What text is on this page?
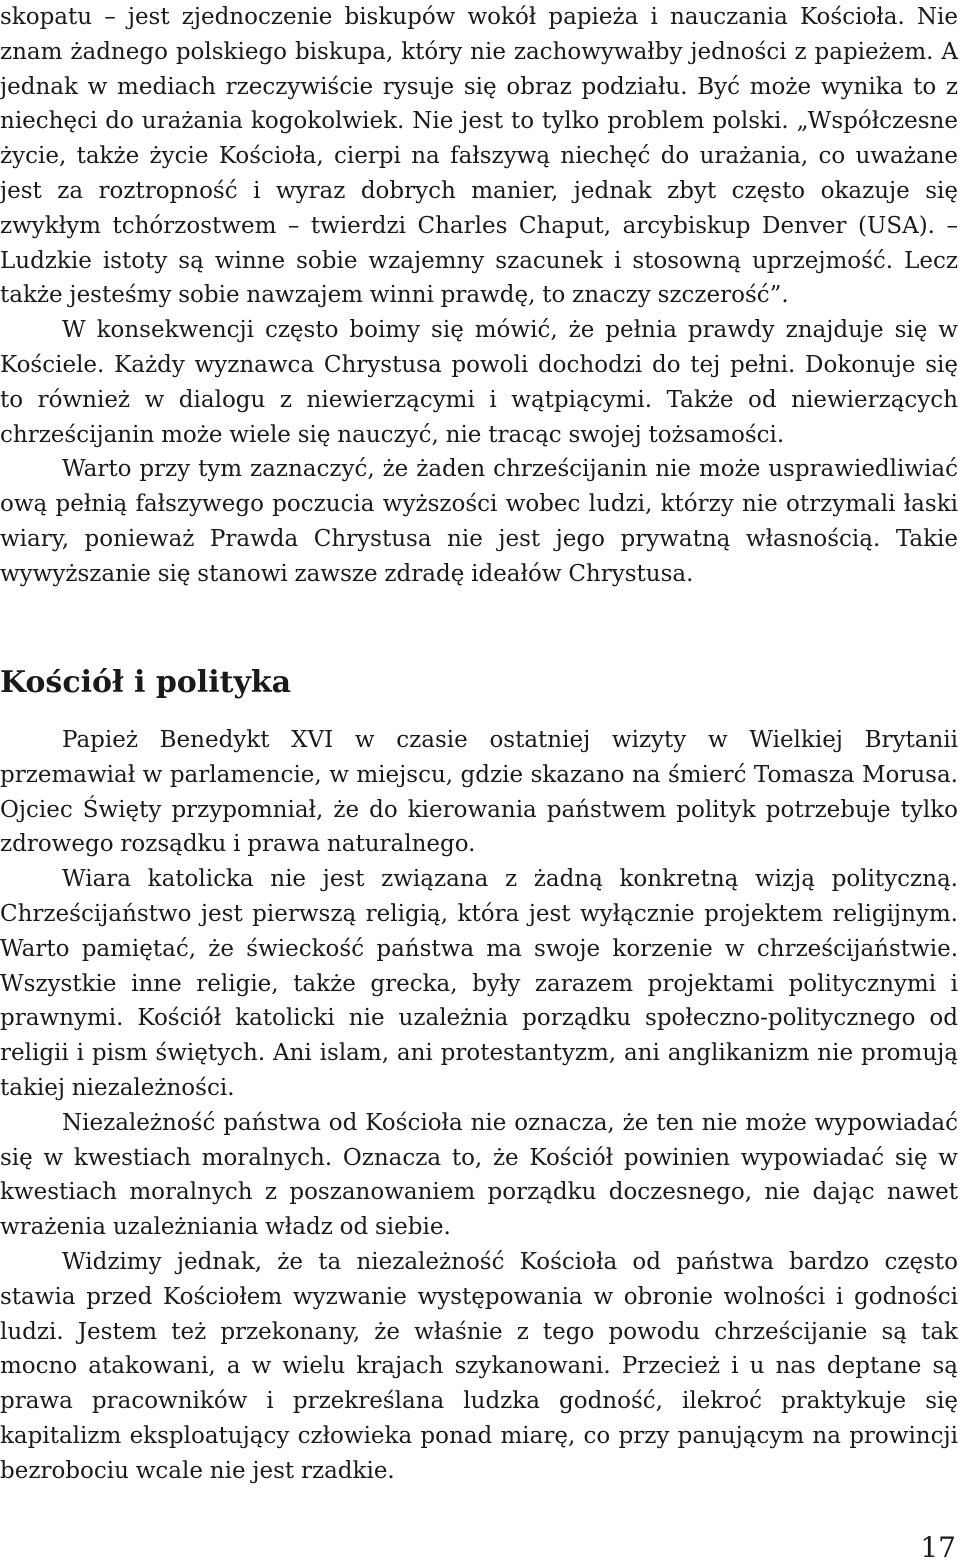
skopatu – jest zjednoczenie biskupów wokół papieża i nauczania Kościoła. Nie znam żadnego polskiego biskupa, który nie zachowywałby jedności z papieżem. A jednak w mediach rzeczywiście rysuje się obraz podziału. Być może wynika to z niechęci do urażania kogokolwiek. Nie jest to tylko problem polski. „Współczesne życie, także życie Kościoła, cierpi na fałszywą niechęć do urażania, co uważane jest za roztropność i wyraz dobrych manier, jednak zbyt często okazuje się zwykłym tchórzostwem – twierdzi Charles Chaput, arcybiskup Denver (USA). – Ludzkie istoty są winne sobie wzajemny szacunek i stosowną uprzejmość. Lecz także jesteśmy sobie nawzajem winni prawdę, to znaczy szczerość”.

W konsekwencji często boimy się mówić, że pełnia prawdy znajduje się w Kościele. Każdy wyznawca Chrystusa powoli dochodzi do tej pełni. Dokonuje się to również w dialogu z niewierzącymi i wątpiącymi. Także od niewierzących chrześcijanin może wiele się nauczyć, nie tracąc swojej tożsamości.

Warto przy tym zaznaczyć, że żaden chrześcijanin nie może usprawiedliwiać ową pełnią fałszywego poczucia wyższości wobec ludzi, którzy nie otrzymali łaski wiary, ponieważ Prawda Chrystusa nie jest jego prywatną własnością. Takie wywyższanie się stanowi zawsze zdradę ideałów Chrystusa.

Kościół i polityka

Papież Benedykt XVI w czasie ostatniej wizyty w Wielkiej Brytanii przemawiał w parlamencie, w miejscu, gdzie skazano na śmierć Tomasza Morusa. Ojciec Święty przypomniał, że do kierowania państwem polityk potrzebuje tylko zdrowego rozsądku i prawa naturalnego.

Wiara katolicka nie jest związana z żadną konkretną wizją polityczną. Chrześcijaństwo jest pierwszą religią, która jest wyłącznie projektem religijnym. Warto pamiętać, że świeckość państwa ma swoje korzenie w chrześcijaństwie. Wszystkie inne religie, także grecka, były zarazem projektami politycznymi i prawnymi. Kościół katolicki nie uzależnia porządku społeczno-politycznego od religii i pism świętych. Ani islam, ani protestantyzm, ani anglikanizm nie promują takiej niezależności.

Niezależność państwa od Kościoła nie oznacza, że ten nie może wypowiadać się w kwestiach moralnych. Oznacza to, że Kościół powinien wypowiadać się w kwestiach moralnych z poszanowaniem porządku doczesnego, nie dając nawet wrażenia uzależniania władz od siebie.

Widzimy jednak, że ta niezależność Kościoła od państwa bardzo często stawia przed Kościołem wyzwanie występowania w obronie wolności i godności ludzi. Jestem też przekonany, że właśnie z tego powodu chrześcijanie są tak mocno atakowani, a w wielu krajach szykanowani. Przecież i u nas deptane są prawa pracowników i przekreślana ludzka godność, ilekroć praktykuje się kapitalizm eksploatujący człowieka ponad miarę, co przy panującym na prowincji bezrobociu wcale nie jest rzadkie.

17
